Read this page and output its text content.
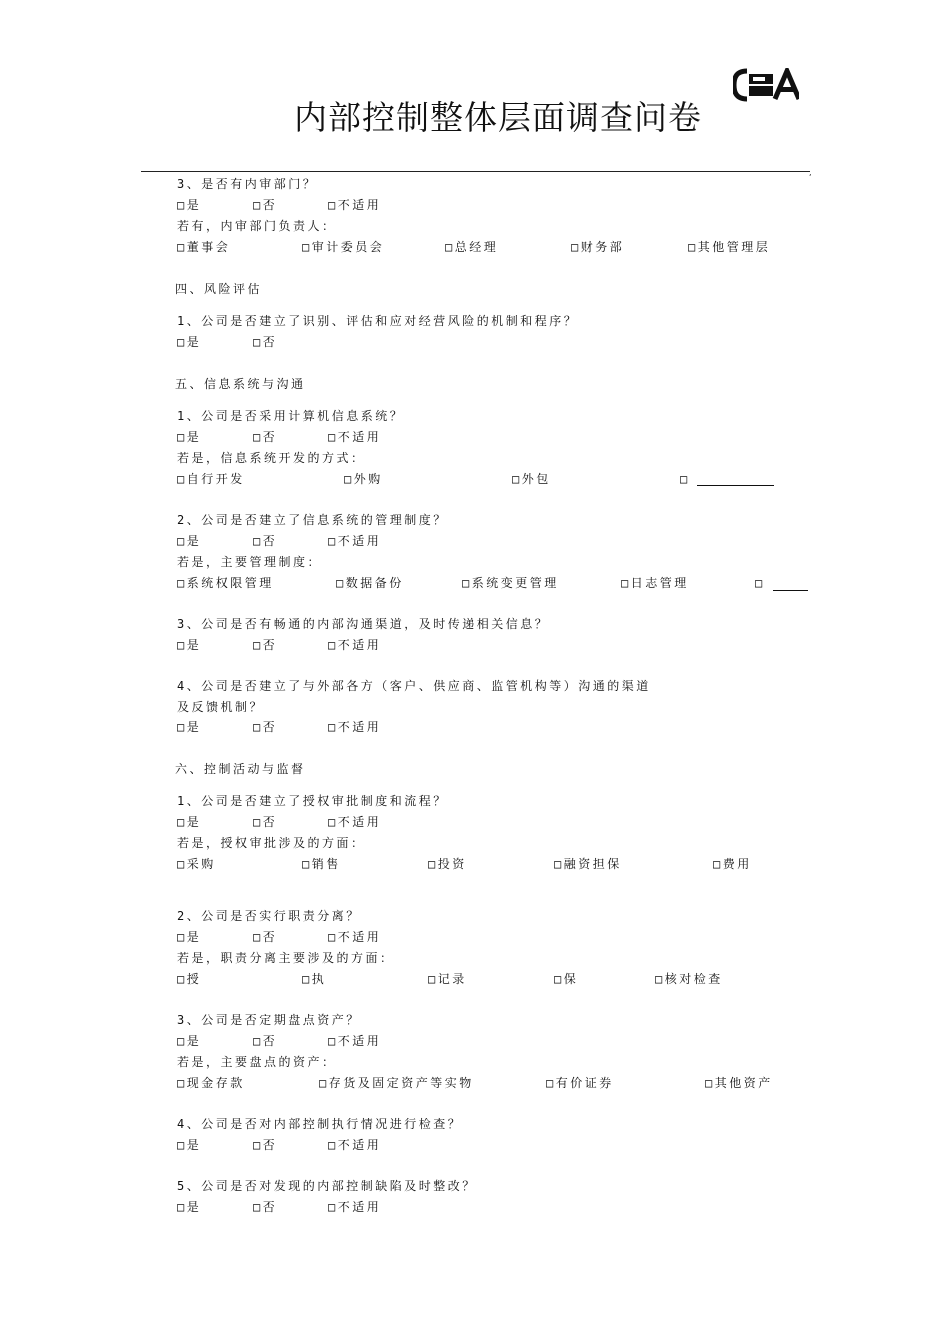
内部控制整体层面调查问卷
,
3、是否有内审部门？
□是	□否	□不适用
若有，内审部门负责人：
□董事会	□审计委员会	□总经理	□财务部	□其他管理层
四、风险评估
1、公司是否建立了识别、评估和应对经营风险的机制和程序？
□是	□否
五、信息系统与沟通
1、公司是否采用计算机信息系统？
□是	□否	□不适用
若是，信息系统开发的方式：
□自行开发	□外购	□外包	□
2、公司是否建立了信息系统的管理制度？
□是	□否	□不适用
若是，主要管理制度：
□系统权限管理	□数据备份	□系统变更管理	□日志管理	□
3、公司是否有畅通的内部沟通渠道，及时传递相关信息？
□是	□否	□不适用
4、公司是否建立了与外部各方（客户、供应商、监管机构等）沟通的渠道
及反馈机制？
□是	□否	□不适用
六、控制活动与监督
1、公司是否建立了授权审批制度和流程？
□是	□否	□不适用
若是，授权审批涉及的方面：
□采购	□销售	□投资	□融资担保	□费用
2、公司是否实行职责分离？
□是	□否	□不适用
若是，职责分离主要涉及的方面：
□授	□执	□记录	□保	□核对检查
3、公司是否定期盘点资产？
□是	□否	□不适用
若是，主要盘点的资产：
□现金存款	□存货及固定资产等实物	□有价证券	□其他资产
4、公司是否对内部控制执行情况进行检查？
□是	□否	□不适用
5、公司是否对发现的内部控制缺陷及时整改？
□是	□否	□不适用
